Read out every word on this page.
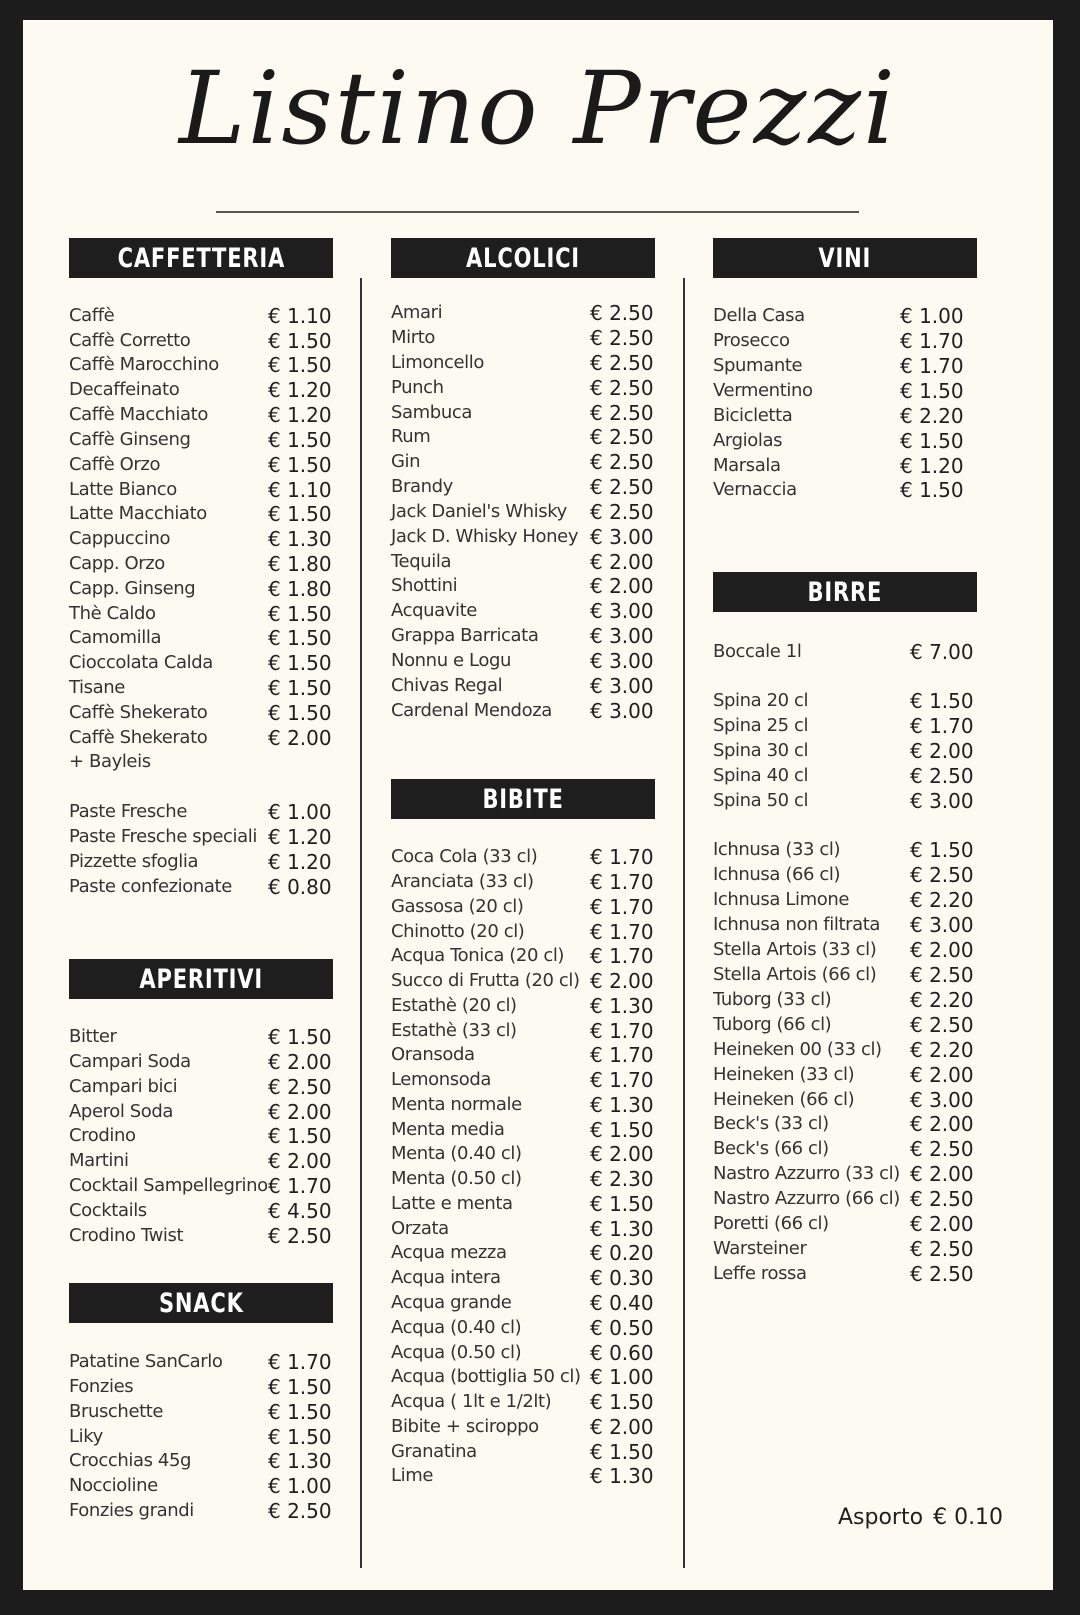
Listino Prezzi
CAFFETTERIA
APERITIVI
SNACK
ALCOLICI
BIBITE
VINI
BIRRE
Caffè	€ 1.10
Caffè Corretto	€ 1.50
Caffè Marocchino € 1.50
Decaffeinato	€ 1.20
Caffè Macchiato	€ 1.20
Caffè Ginseng	€ 1.50
Caffè Orzo	€ 1.50
Latte Bianco	€ 1.10
Latte Macchiato	€ 1.50
Cappuccino	€ 1.30
Capp. Orzo	€ 1.80
Capp. Ginseng	€ 1.80
Thè Caldo	€ 1.50
Camomilla	€ 1.50
Cioccolata Calda	€ 1.50
Tisane	€ 1.50
Caffè Shekerato	€ 1.50
Caffè Shekerato	€ 2.00
+ Bayleis
Paste Fresche	€ 1.00
Paste Fresche speciali € 1.20
Pizzette sfoglia	€ 1.20
Paste confezionate € 0.80
Bitter	€ 1.50
Campari Soda	€ 2.00
Campari bici	€ 2.50
Aperol Soda	€ 2.00
Crodino	€ 1.50
Martini	€ 2.00
Cocktail Sampellegrino € 1.70
Cocktails	€ 4.50
Crodino Twist	€ 2.50
Patatine SanCarlo € 1.70
Fonzies	€ 1.50
Bruschette	€ 1.50
Liky	€ 1.50
Crocchias 45g	€ 1.30
Noccioline	€ 1.00
Fonzies grandi	€ 2.50
Amari	€ 2.50
Mirto	€ 2.50
Limoncello	€ 2.50
Punch	€ 2.50
Sambuca	€ 2.50
Rum	€ 2.50
Gin	€ 2.50
Brandy	€ 2.50
Jack Daniel's Whisky € 2.50
Jack D. Whisky Honey € 3.00
Tequila	€ 2.00
Shottini	€ 2.00
Acquavite	€ 3.00
Grappa Barricata	€ 3.00
Nonnu e Logu	€ 3.00
Chivas Regal	€ 3.00
Cardenal Mendoza € 3.00
Coca Cola (33 cl)	€ 1.70
Aranciata (33 cl)	€ 1.70
Gassosa (20 cl)	€ 1.70
Chinotto (20 cl)	€ 1.70
Acqua Tonica (20 cl) € 1.70
Succo di Frutta (20 cl) € 2.00
Estathè (20 cl)	€ 1.30
Estathè (33 cl)	€ 1.70
Oransoda	€ 1.70
Lemonsoda	€ 1.70
Menta normale	€ 1.30
Menta media	€ 1.50
Menta (0.40 cl)	€ 2.00
Menta (0.50 cl)	€ 2.30
Latte e menta	€ 1.50
Orzata	€ 1.30
Acqua mezza	€ 0.20
Acqua intera	€ 0.30
Acqua grande	€ 0.40
Acqua (0.40 cl)	€ 0.50
Acqua (0.50 cl)	€ 0.60
Acqua (bottiglia 50 cl) € 1.00
Acqua ( 1lt e 1/2lt) € 1.50
Bibite + sciroppo	€ 2.00
Granatina	€ 1.50
Lime	€ 1.30
Della Casa	€ 1.00
Prosecco	€ 1.70
Spumante	€ 1.70
Vermentino	€ 1.50
Bicicletta	€ 2.20
Argiolas	€ 1.50
Marsala	€ 1.20
Vernaccia	€ 1.50
Boccale 1l	€ 7.00
Spina 20 cl	€ 1.50
Spina 25 cl	€ 1.70
Spina 30 cl	€ 2.00
Spina 40 cl	€ 2.50
Spina 50 cl	€ 3.00
Ichnusa (33 cl)	€ 1.50
Ichnusa (66 cl)	€ 2.50
Ichnusa Limone	€ 2.20
Ichnusa non filtrata € 3.00
Stella Artois (33 cl) € 2.00
Stella Artois (66 cl) € 2.50
Tuborg (33 cl)	€ 2.20
Tuborg (66 cl)	€ 2.50
Heineken 00 (33 cl) € 2.20
Heineken (33 cl)	€ 2.00
Heineken (66 cl)	€ 3.00
Beck's (33 cl)	€ 2.00
Beck's (66 cl)	€ 2.50
Nastro Azzurro (33 cl) € 2.00
Nastro Azzurro (66 cl) € 2.50
Poretti (66 cl)	€ 2.00
Warsteiner	€ 2.50
Leffe rossa	€ 2.50
Asporto € 0.10
